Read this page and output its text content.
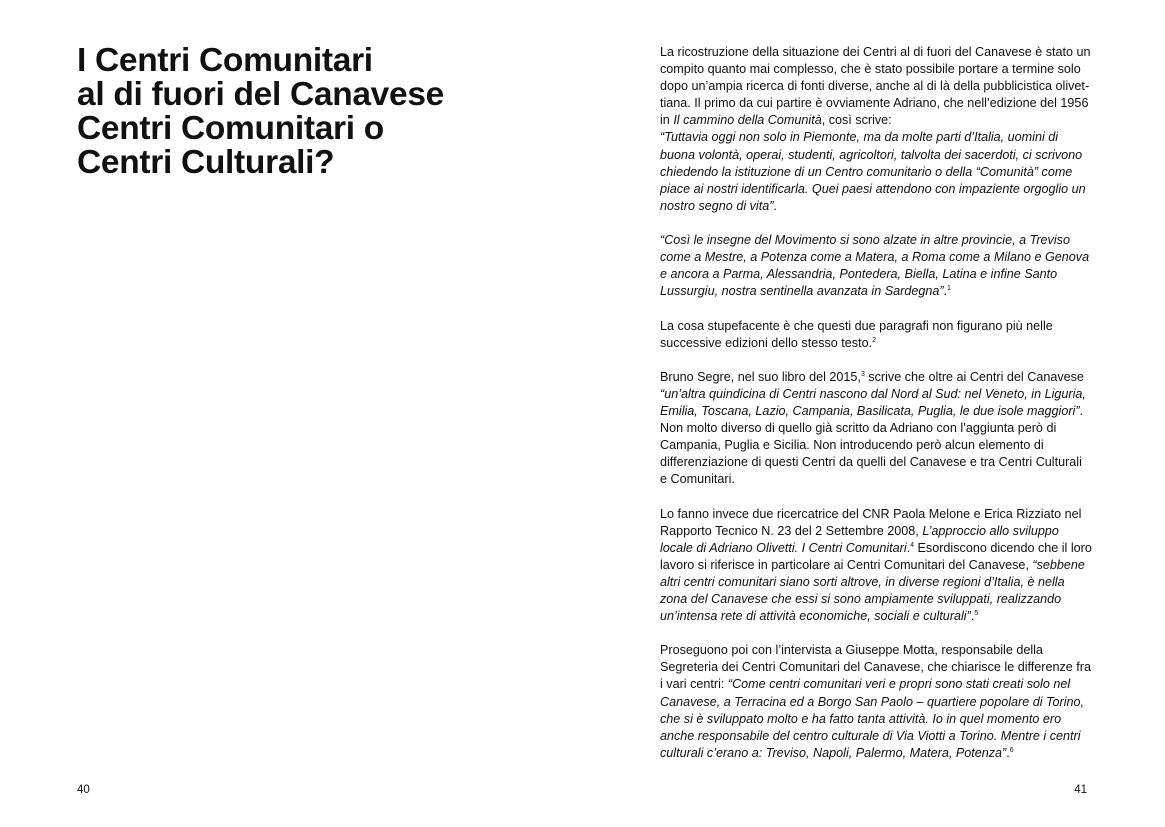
I Centri Comunitari
al di fuori del Canavese
Centri Comunitari o
Centri Culturali?
40

La ricostruzione della situazione dei Centri al di fuori del Canavese è stato un compito quanto mai complesso, che è stato possibile portare a termine solo dopo un’ampia ricerca di fonti diverse, anche al di là della pubblicistica olivettiana. Il primo da cui partire è ovviamente Adriano, che nell’edizione del 1956 in Il cammino della Comunità, così scrive:
“Tuttavia oggi non solo in Piemonte, ma da molte parti d’Italia, uomini di buona volontà, operai, studenti, agricoltori, talvolta dei sacerdoti, ci scrivono chiedendo la istituzione di un Centro comunitario o della “Comunità” come piace ai nostri identificarla. Quei paesi attendono con impaziente orgoglio un nostro segno di vita”.

“Così le insegne del Movimento si sono alzate in altre provincie, a Treviso come a Mestre, a Potenza come a Matera, a Roma come a Milano e Genova e ancora a Parma, Alessandria, Pontedera, Biella, Latina e infine Santo Lussurgiu, nostra sentinella avanzata in Sardegna”.$^1$

La cosa stupefacente è che questi due paragrafi non figurano più nelle successive edizioni dello stesso testo.$^2$

Bruno Segre, nel suo libro del 2015,$^3$ scrive che oltre ai Centri del Canavese “un’altra quindicina di Centri nascono dal Nord al Sud: nel Veneto, in Liguria, Emilia, Toscana, Lazio, Campania, Basilicata, Puglia, le due isole maggiori”. Non molto diverso di quello già scritto da Adriano con l’aggiunta però di Campania, Puglia e Sicilia. Non introducendo però alcun elemento di differenziazione di questi Centri da quelli del Canavese e tra Centri Culturali e Comunitari.

Lo fanno invece due ricercatrice del CNR Paola Melone e Erica Rizziato nel Rapporto Tecnico N. 23 del 2 Settembre 2008, L’approccio allo sviluppo locale di Adriano Olivetti. I Centri Comunitari.$^4$ Esordiscono dicendo che il loro lavoro si riferisce in particolare ai Centri Comunitari del Canavese, “sebbene altri centri comunitari siano sorti altrove, in diverse regioni d’Italia, è nella zona del Canavese che essi si sono ampiamente sviluppati, realizzando un’intensa rete di attività economiche, sociali e culturali”.$^5$

Proseguono poi con l’intervista a Giuseppe Motta, responsabile della Segreteria dei Centri Comunitari del Canavese, che chiarisce le differenze fra i vari centri: “Come centri comunitari veri e propri sono stati creati solo nel Canavese, a Terracina ed a Borgo San Paolo – quartiere popolare di Torino, che si è sviluppato molto e ha fatto tanta attività. Io in quel momento ero anche responsabile del centro culturale di Via Viotti a Torino. Mentre i centri culturali c’erano a: Treviso, Napoli, Palermo, Matera, Potenza”.$^6$

41
